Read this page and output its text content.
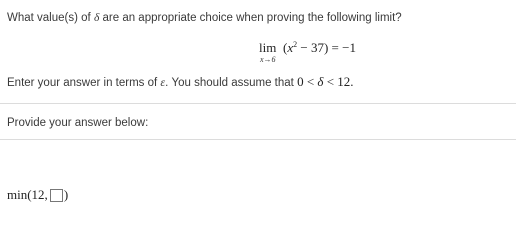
What value(s) of δ are an appropriate choice when proving the following limit?
lim
x→6
$(x^2 - 37) = -1$
Enter your answer in terms of ε. You should assume that 0 < δ < 12.
Provide your answer below:
min(12, )
